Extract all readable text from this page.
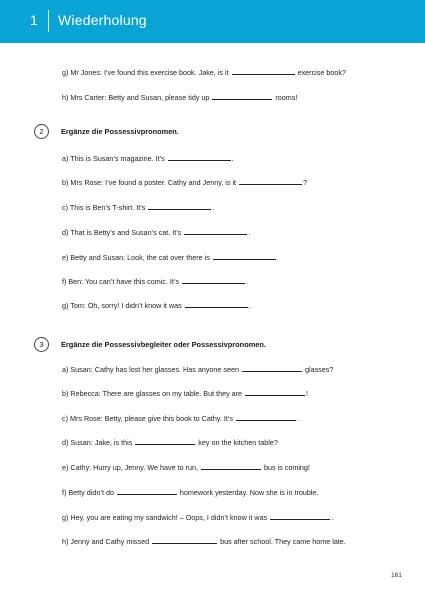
1 Wiederholung
g) Mr Jones: I’ve found this exercise book. Jake, is it	exercise book?
h) Mrs Carter: Betty and Susan, please tidy up	rooms!
2 Ergänze die Possessivpronomen.
a) This is Susan’s magazine. It’s	.
b) Mrs Rose: I’ve found a poster. Cathy and Jenny, is it	?
c) This is Ben’s T-shirt. It’s	.
d) That is Betty’s and Susan’s cat. It’s	.
e) Betty and Susan: Look, the cat over there is	.
f) Ben: You can’t have this comic. It’s	.
g) Tom: Oh, sorry! I didn’t know it was	.
3 Ergänze die Possessivbegleiter oder Possessivpronomen.
a) Susan: Cathy has lost her glasses. Has anyone seen	glasses?
b) Rebecca: There are glasses on my table. But they are	!
c) Mrs Rose: Betty, please give this book to Cathy. It’s	.
d) Susan: Jake, is this	key on the kitchen table?
e) Cathy: Hurry up, Jenny. We have to run,	bus is coming!
f) Betty didn’t do	homework yesterday. Now she is in trouble.
g) Hey, you are eating my sandwich! – Oops, I didn’t know it was	.
h) Jenny and Cathy missed	bus after school. They came home late.
161
